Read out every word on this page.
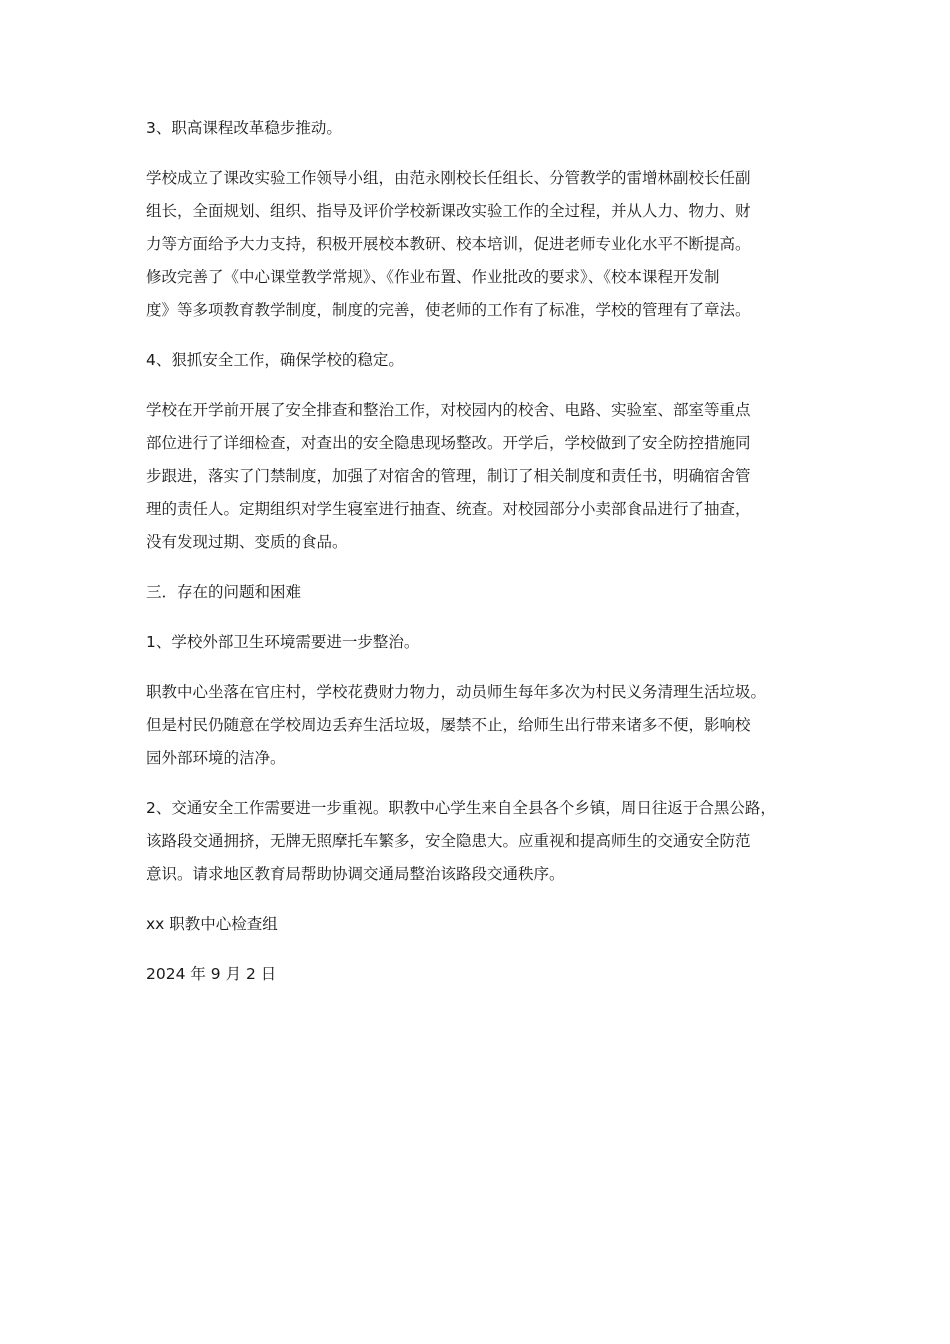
3、职高课程改革稳步推动。

学校成立了课改实验工作领导小组，由范永刚校长任组长、分管教学的雷增林副校长任副
组长，全面规划、组织、指导及评价学校新课改实验工作的全过程，并从人力、物力、财
力等方面给予大力支持，积极开展校本教研、校本培训，促进老师专业化水平不断提高。
修改完善了《中心课堂教学常规》、《作业布置、作业批改的要求》、《校本课程开发制
度》等多项教育教学制度，制度的完善，使老师的工作有了标准，学校的管理有了章法。

4、狠抓安全工作，确保学校的稳定。

学校在开学前开展了安全排查和整治工作，对校园内的校舍、电路、实验室、部室等重点
部位进行了详细检查，对查出的安全隐患现场整改。开学后，学校做到了安全防控措施同
步跟进，落实了门禁制度，加强了对宿舍的管理，制订了相关制度和责任书，明确宿舍管
理的责任人。定期组织对学生寝室进行抽查、统查。对校园部分小卖部食品进行了抽查，
没有发现过期、变质的食品。

三．存在的问题和困难

1、学校外部卫生环境需要进一步整治。

职教中心坐落在官庄村，学校花费财力物力，动员师生每年多次为村民义务清理生活垃圾。
但是村民仍随意在学校周边丢弃生活垃圾，屡禁不止，给师生出行带来诸多不便，影响校
园外部环境的洁净。

2、交通安全工作需要进一步重视。职教中心学生来自全县各个乡镇，周日往返于合黑公路，
该路段交通拥挤，无牌无照摩托车繁多，安全隐患大。应重视和提高师生的交通安全防范
意识。请求地区教育局帮助协调交通局整治该路段交通秩序。

xx 职教中心检查组

2024 年 9 月 2 日
